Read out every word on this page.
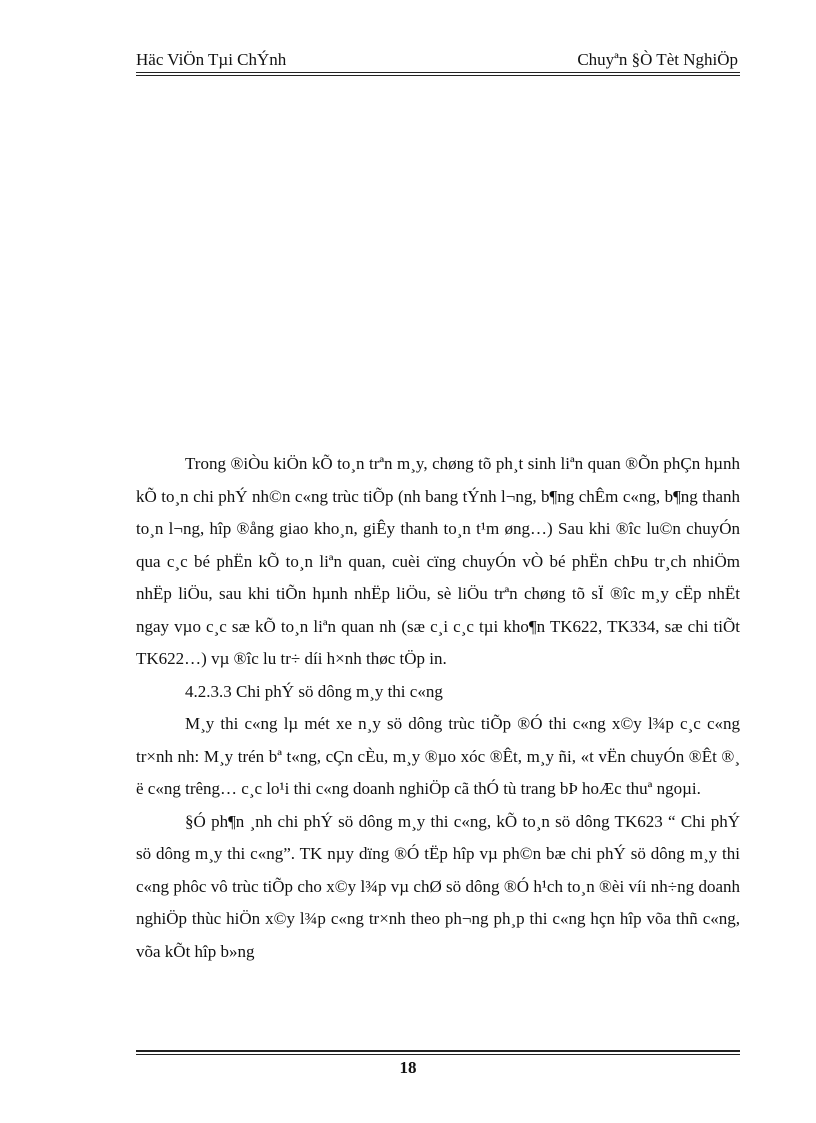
Häc ViÖn Tµi ChÝnh	Chuyªn §Ò Tèt NghiÖp

Trong ®iÒu kiÖn kÕ to¸n trªn m¸y, chøng tõ ph¸t sinh liªn quan ®Õn phÇn hµnh kÕ to¸n chi phÝ nh©n c«ng trùc tiÕp (nh bang tÝnh l¬ng, b¶ng chÊm c«ng, b¶ng thanh to¸n l¬ng, hîp ®ång giao kho¸n, giÊy thanh to¸n t¹m øng…) Sau khi ®îc lu©n chuyÓn qua c¸c bé phËn kÕ to¸n liªn quan, cuèi cïng chuyÓn vÒ bé phËn chÞu tr¸ch nhiÖm nhËp liÖu, sau khi tiÕn hµnh nhËp liÖu, sè liÖu trªn chøng tõ sÏ ®îc m¸y cËp nhËt ngay vµo c¸c sæ kÕ to¸n liªn quan nh (sæ c¸i c¸c tµi kho¶n TK622, TK334, sæ chi tiÕt TK622…) vµ ®îc lu tr÷ díi h×nh thøc tÖp in.

4.2.3.3 Chi phÝ sö dông m¸y thi c«ng

M¸y thi c«ng lµ mét xe n¸y sö dông trùc tiÕp ®Ó thi c«ng x©y l¾p c¸c c«ng tr×nh nh: M¸y trén bª t«ng, cÇn cÈu, m¸y ®µo xóc ®Êt, m¸y ñi, «t vËn chuyÓn ®Êt ®¸ ë c«ng trêng… c¸c lo¹i thi c«ng doanh nghiÖp cã thÓ tù trang bÞ hoÆc thuª ngoµi.

§Ó ph¶n ¸nh chi phÝ sö dông m¸y thi c«ng, kÕ to¸n sö dông TK623 “ Chi phÝ sö dông m¸y thi c«ng”. TK nµy dïng ®Ó tËp hîp vµ ph©n bæ chi phÝ sö dông m¸y thi c«ng phôc vô trùc tiÕp cho x©y l¾p vµ chØ sö dông ®Ó h¹ch to¸n ®èi víi nh÷ng doanh nghiÖp thùc hiÖn x©y l¾p c«ng tr×nh theo ph¬ng ph¸p thi c«ng hçn hîp võa thñ c«ng, võa kÕt hîp b»ng

18
